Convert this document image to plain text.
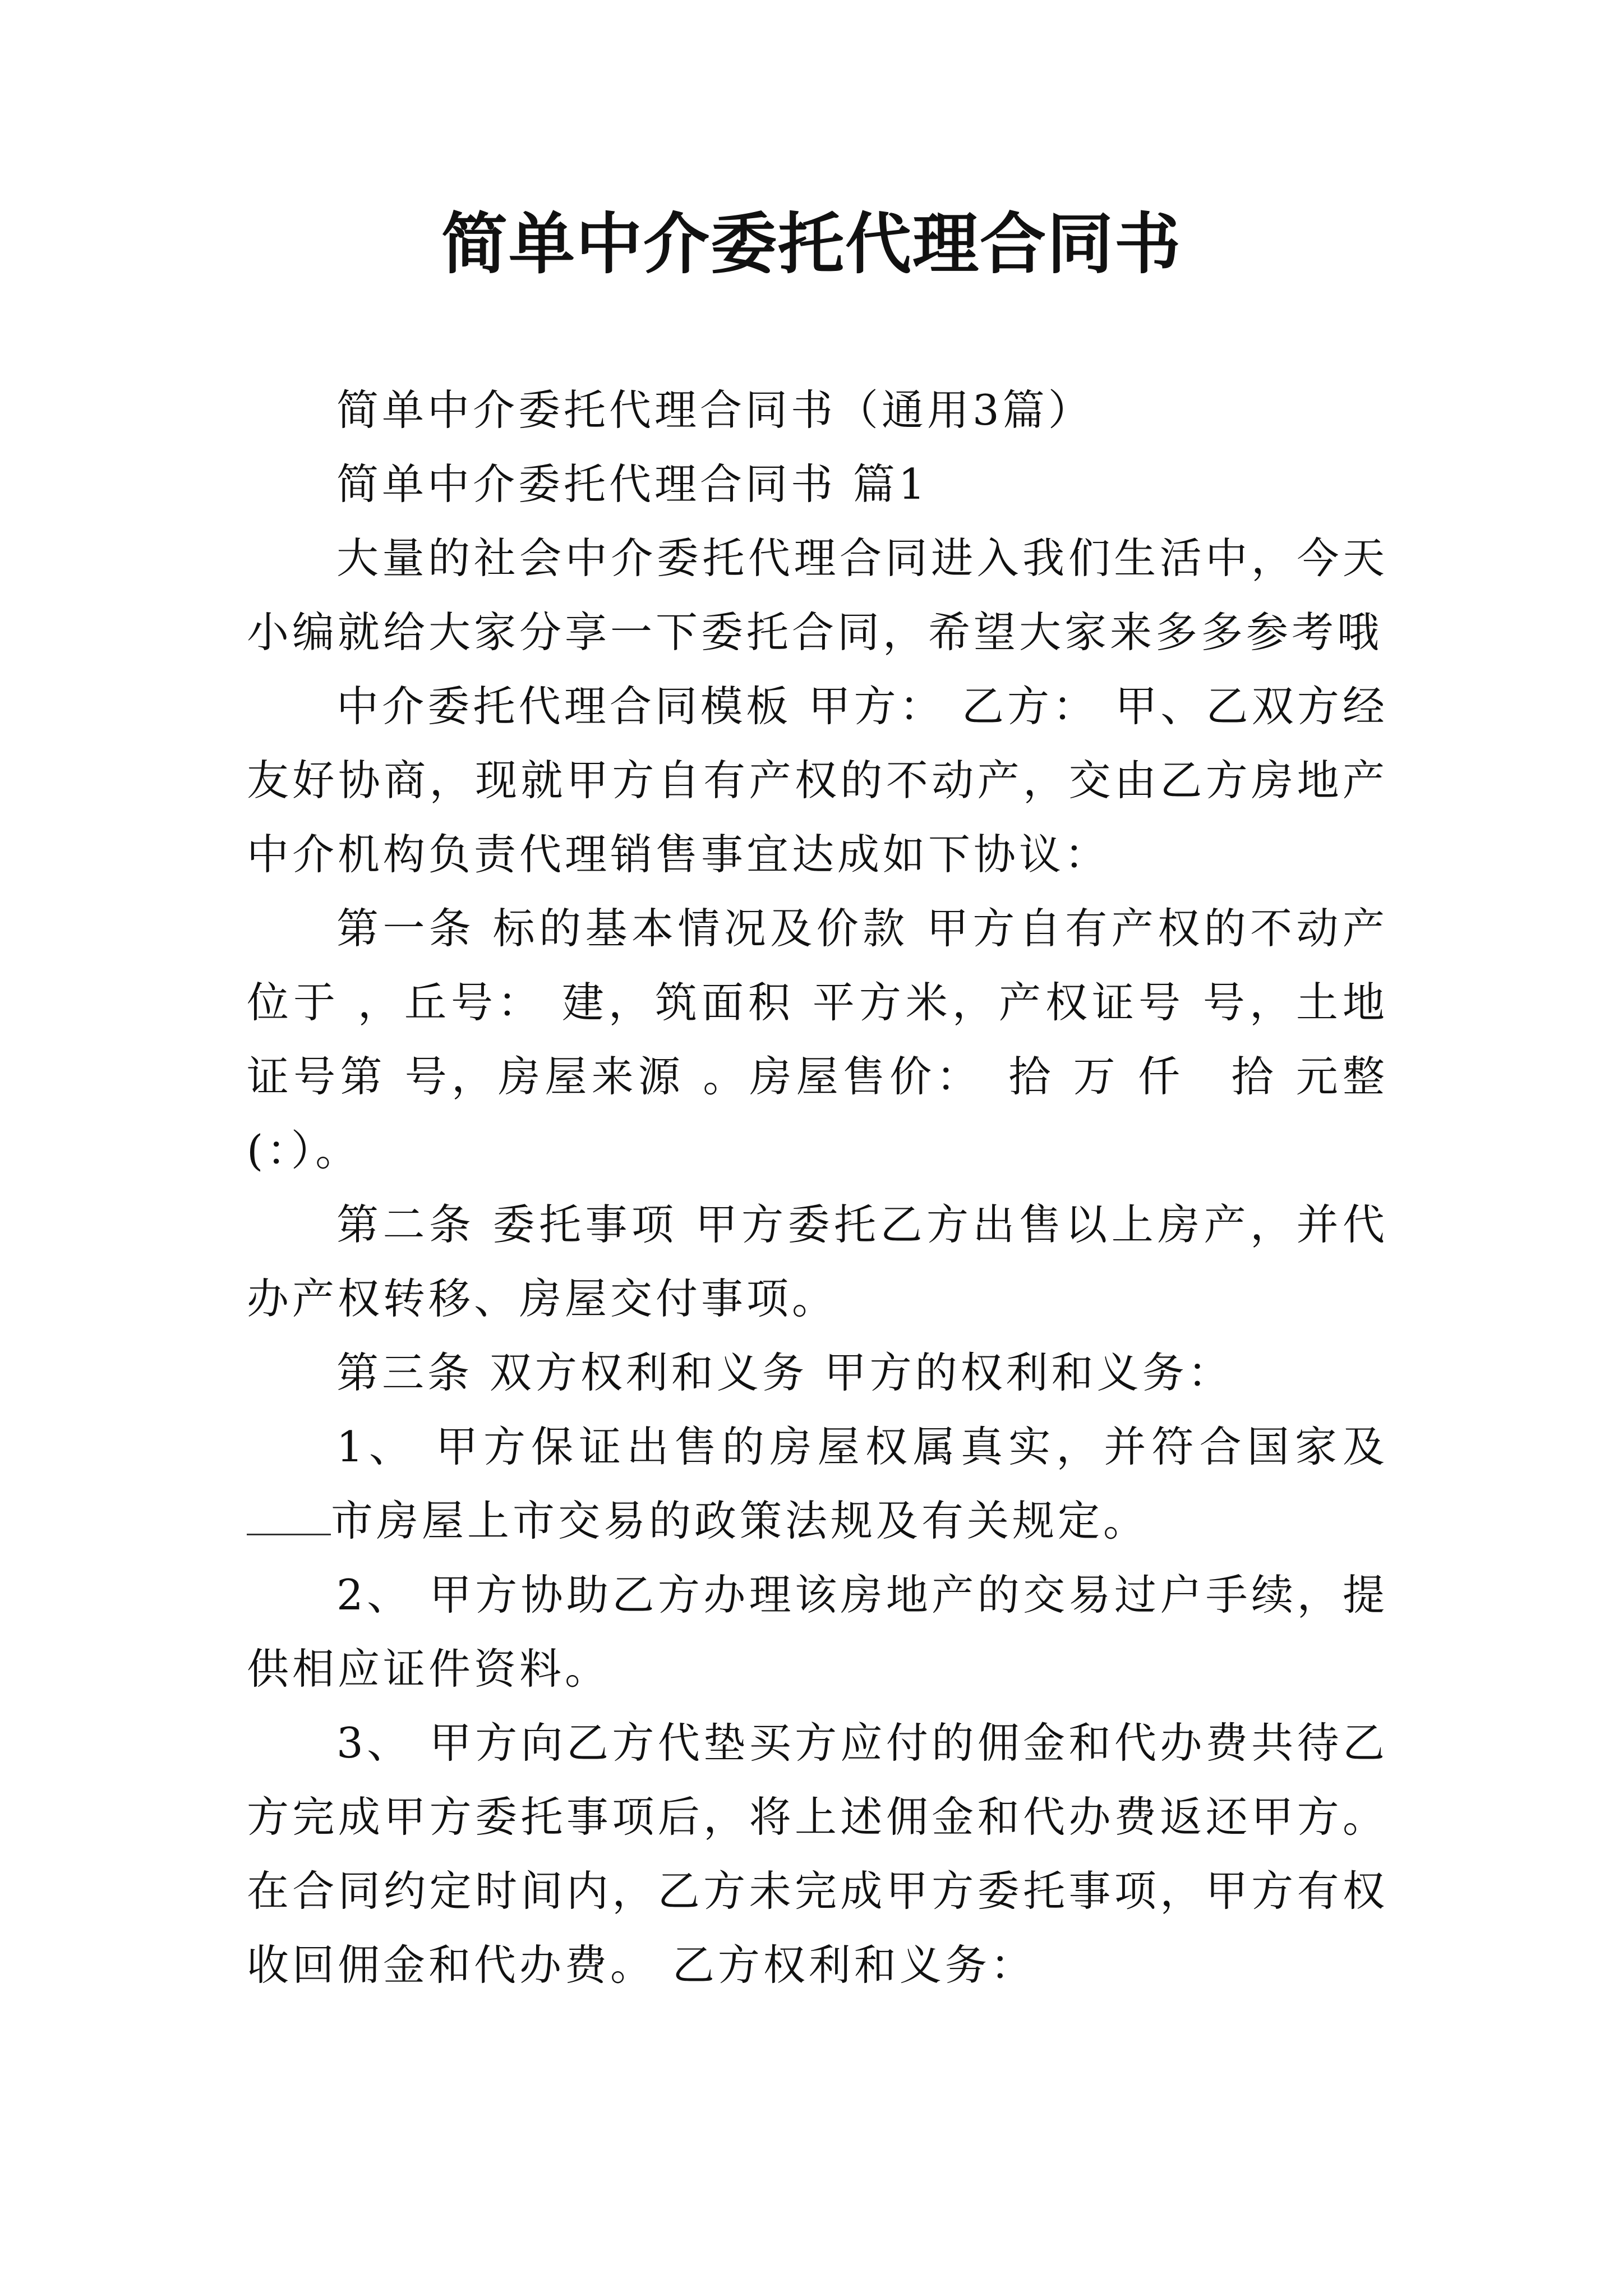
简单中介委托代理合同书

简单中介委托代理合同书（通用3篇）

简单中介委托代理合同书 篇1

大量的社会中介委托代理合同进入我们生活中，今天小编就给大家分享一下委托合同，希望大家来多多参考哦

中介委托代理合同模板 甲方： 乙方： 甲、乙双方经友好协商，现就甲方自有产权的不动产，交由乙方房地产中介机构负责代理销售事宜达成如下协议：

第一条 标的基本情况及价款 甲方自有产权的不动产位于 ，丘号： 建，筑面积 平方米，产权证号 号，土地证号第 号，房屋来源 。房屋售价：　拾 万 仟　拾 元整(：）。

第二条 委托事项 甲方委托乙方出售以上房产，并代办产权转移、房屋交付事项。

第三条 双方权利和义务 甲方的权利和义务：

1、 甲方保证出售的房屋权属真实，并符合国家及市房屋上市交易的政策法规及有关规定。

2、 甲方协助乙方办理该房地产的交易过户手续，提供相应证件资料。

3、 甲方向乙方代垫买方应付的佣金和代办费共待乙方完成甲方委托事项后，将上述佣金和代办费返还甲方。在合同约定时间内，乙方未完成甲方委托事项，甲方有权收回佣金和代办费。 乙方权利和义务：
